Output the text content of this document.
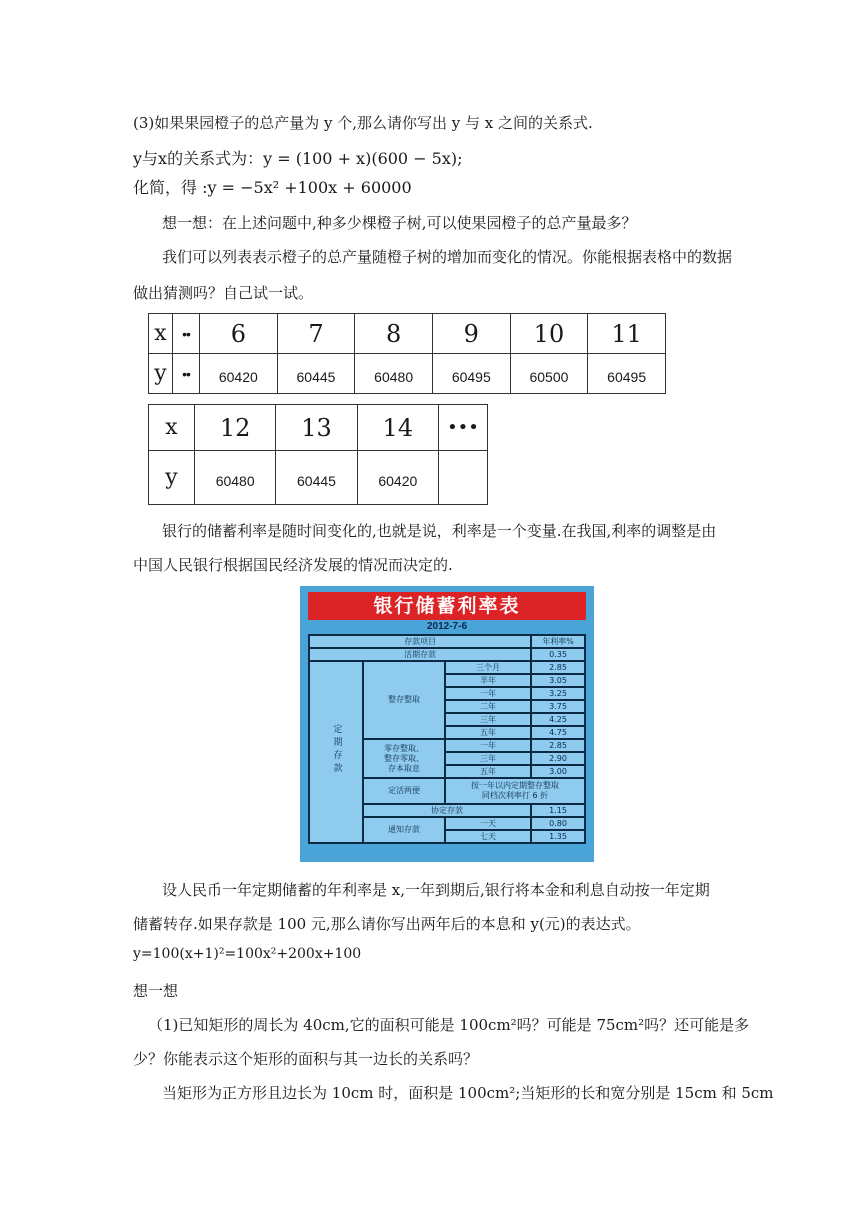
(3)如果果园橙子的总产量为 y 个,那么请你写出 y 与 x 之间的关系式.
y与x的关系式为：y = (100 + x)(600 − 5x);
化简，得 :y = −5x² +100x + 60000
想一想：在上述问题中,种多少棵橙子树,可以使果园橙子的总产量最多？
我们可以列表表示橙子的总产量随橙子树的增加而变化的情况。你能根据表格中的数据
做出猜测吗？自己试一试。
x	••	6	7	8	9	10	11
y	••	60420	60445	60480	60495	60500	60495
x	12	13	14	•••
y	60480	60445	60420	
银行的储蓄利率是随时间变化的,也就是说，利率是一个变量.在我国,利率的调整是由
中国人民银行根据国民经济发展的情况而决定的.
银行储蓄利率表
2012-7-6
存款项目			年利率%
活期存款			0.35
定期存款	整存整取	三个月	2.85
		半年	3.05
		一年	3.25
		二年	3.75
		三年	4.25
		五年	4.75

	零存整取、
整存零取、
存本取息	一年	2.85
		三年	2.90
		五年	3.00
	定活两便	按一年以内定期整存整取
同档次利率打 6 折	

	协定存款		1.15
	通知存款	一天	0.80
		七天	1.35
设人民币一年定期储蓄的年利率是 x,一年到期后,银行将本金和利息自动按一年定期
储蓄转存.如果存款是 100 元,那么请你写出两年后的本息和 y(元)的表达式。
y=100(x+1)²=100x²+200x+100
想一想
（1)已知矩形的周长为 40cm,它的面积可能是 100cm²吗？可能是 75cm²吗？还可能是多
少？你能表示这个矩形的面积与其一边长的关系吗？
当矩形为正方形且边长为 10cm 时，面积是 100cm²;当矩形的长和宽分别是 15cm 和 5cm
